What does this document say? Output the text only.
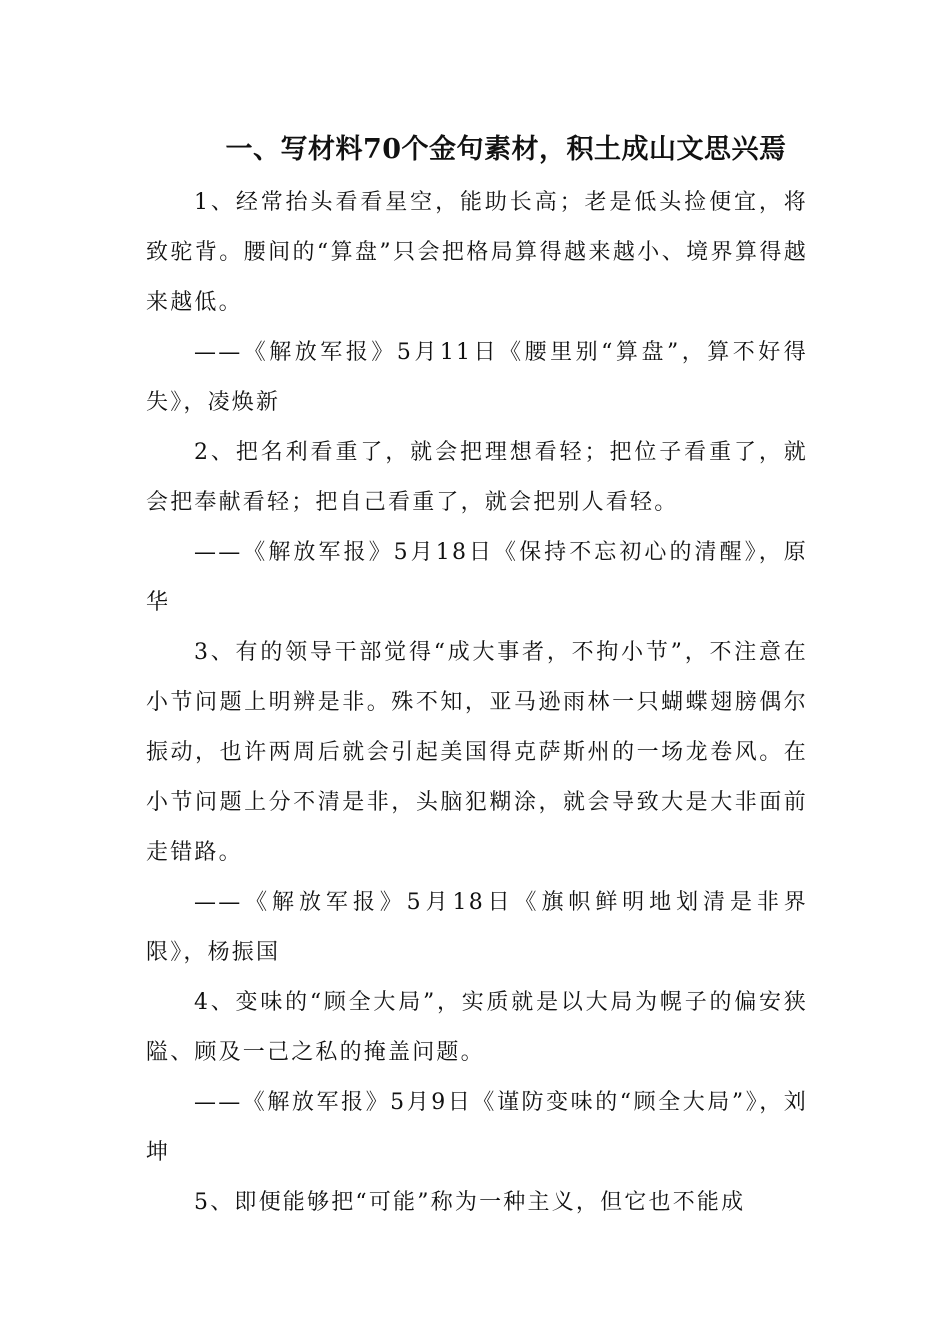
一、写材料70个金句素材，积土成山文思兴焉

1、经常抬头看看星空，能助长高；老是低头捡便宜，将致驼背。腰间的“算盘”只会把格局算得越来越小、境界算得越来越低。

——《解放军报》5月11日《腰里别“算盘”，算不好得失》，凌焕新

2、把名利看重了，就会把理想看轻；把位子看重了，就会把奉献看轻；把自己看重了，就会把别人看轻。

——《解放军报》5月18日《保持不忘初心的清醒》，原华

3、有的领导干部觉得“成大事者，不拘小节”，不注意在小节问题上明辨是非。殊不知，亚马逊雨林一只蝴蝶翅膀偶尔振动，也许两周后就会引起美国得克萨斯州的一场龙卷风。在小节问题上分不清是非，头脑犯糊涂，就会导致大是大非面前走错路。

——《解放军报》5月18日《旗帜鲜明地划清是非界限》，杨振国

4、变味的“顾全大局”，实质就是以大局为幌子的偏安狭隘、顾及一己之私的掩盖问题。

——《解放军报》5月9日《谨防变味的“顾全大局”》，刘坤

5、即便能够把“可能”称为一种主义，但它也不能成
